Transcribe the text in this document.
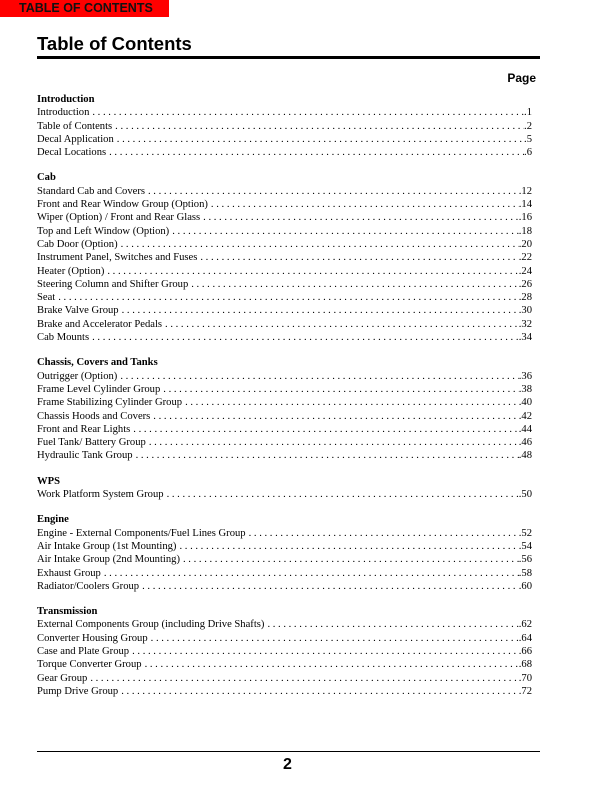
TABLE OF CONTENTS
Table of Contents
Page
Introduction
Introduction . . .	.1
Table of Contents . . .	.2
Decal Application . . .	.5
Decal Locations . . .	.6
Cab
Standard Cab and Covers . . .	.12
Front and Rear Window Group (Option) . . .	.14
Wiper (Option) / Front and Rear Glass . . .	.16
Top and Left Window (Option) . . .	.18
Cab Door (Option) . . .	.20
Instrument Panel, Switches and Fuses . . .	.22
Heater (Option) . . .	.24
Steering Column and Shifter Group . . .	.26
Seat . . .	.28
Brake Valve Group . . .	.30
Brake and Accelerator Pedals . . .	.32
Cab Mounts . . .	.34
Chassis, Covers and Tanks
Outrigger (Option) . . .	.36
Frame Level Cylinder Group . . .	.38
Frame Stabilizing Cylinder Group . . .	.40
Chassis Hoods and Covers . . .	.42
Front and Rear Lights . . .	.44
Fuel Tank/ Battery Group . . .	.46
Hydraulic Tank Group . . .	.48
WPS
Work Platform System Group . . .	.50
Engine
Engine - External Components/Fuel Lines Group . . .	.52
Air Intake Group (1st Mounting) . . .	.54
Air Intake Group (2nd Mounting) . . .	.56
Exhaust Group . . .	.58
Radiator/Coolers Group . . .	.60
Transmission
External Components Group (including Drive Shafts) . . .	.62
Converter Housing Group . . .	.64
Case and Plate Group . . .	.66
Torque Converter Group . . .	.68
Gear Group . . .	.70
Pump Drive Group . . .	.72
2
